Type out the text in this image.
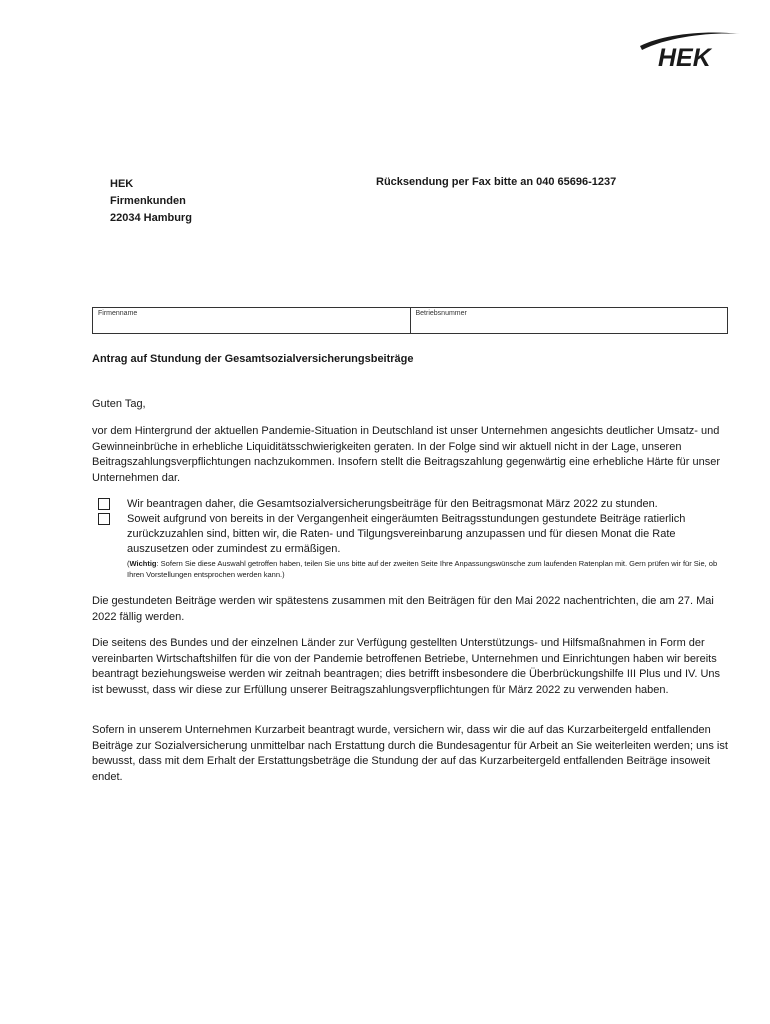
HEK
HEK
Firmenkunden
22034 Hamburg
Rücksendung per Fax bitte an 040 65696-1237
Firmenname	Betriebsnummer
Antrag auf Stundung der Gesamtsozialversicherungsbeiträge
Guten Tag,
vor dem Hintergrund der aktuellen Pandemie-Situation in Deutschland ist unser Unternehmen angesichts deutlicher Umsatz- und Gewinneinbrüche in erhebliche Liquiditätsschwierigkeiten geraten. In der Folge sind wir aktuell nicht in der Lage, unseren Beitragszahlungsverpflichtungen nachzukommen. Insofern stellt die Beitragszahlung gegenwärtig eine erhebliche Härte für unser Unternehmen dar.
Wir beantragen daher, die Gesamtsozialversicherungsbeiträge für den Beitragsmonat März 2022 zu stunden.
Soweit aufgrund von bereits in der Vergangenheit eingeräumten Beitragsstundungen gestundete Beiträge ratierlich zurückzuzahlen sind, bitten wir, die Raten- und Tilgungsvereinbarung anzupassen und für diesen Monat die Rate auszusetzen oder zumindest zu ermäßigen.
(Wichtig: Sofern Sie diese Auswahl getroffen haben, teilen Sie uns bitte auf der zweiten Seite Ihre Anpassungswünsche zum laufenden Ratenplan mit. Gern prüfen wir für Sie, ob Ihren Vorstellungen entsprochen werden kann.)
Die gestundeten Beiträge werden wir spätestens zusammen mit den Beiträgen für den Mai 2022 nachentrichten, die am 27. Mai 2022 fällig werden.
Die seitens des Bundes und der einzelnen Länder zur Verfügung gestellten Unterstützungs- und Hilfsmaßnahmen in Form der vereinbarten Wirtschaftshilfen für die von der Pandemie betroffenen Betriebe, Unternehmen und Einrichtungen haben wir bereits beantragt beziehungsweise werden wir zeitnah beantragen; dies betrifft insbesondere die Überbrückungshilfe III Plus und IV. Uns ist bewusst, dass wir diese zur Erfüllung unserer Beitragszahlungsverpflichtungen für März 2022 zu verwenden haben.
Sofern in unserem Unternehmen Kurzarbeit beantragt wurde, versichern wir, dass wir die auf das Kurzarbeitergeld entfallenden Beiträge zur Sozialversicherung unmittelbar nach Erstattung durch die Bundesagentur für Arbeit an Sie weiterleiten werden; uns ist bewusst, dass mit dem Erhalt der Erstattungsbeträge die Stundung der auf das Kurzarbeitergeld entfallenden Beiträge insoweit endet.
